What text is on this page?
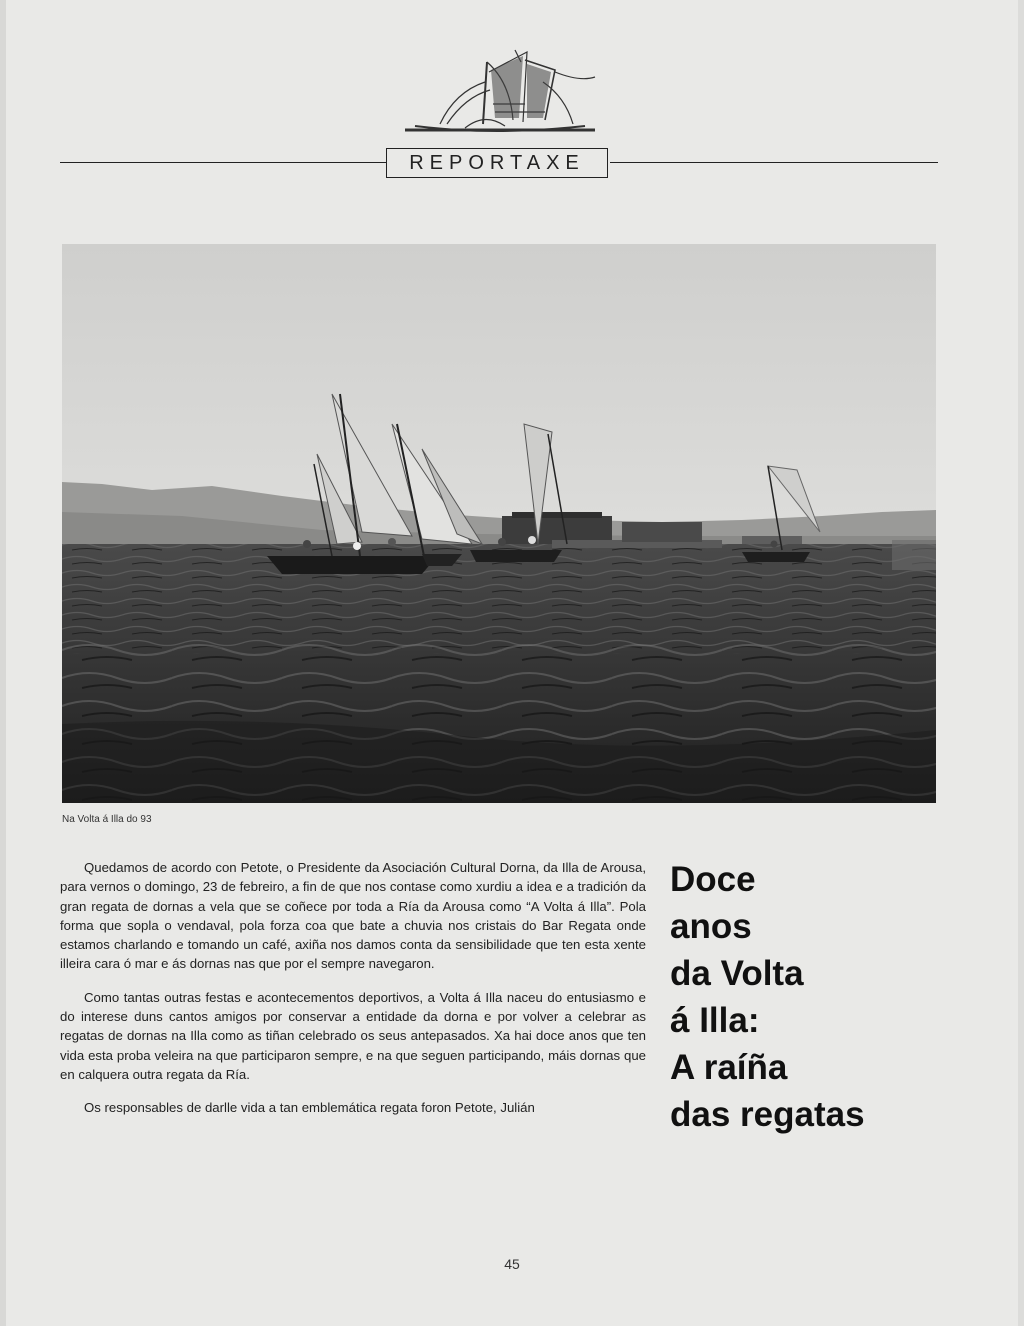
REPORTAXE
Na Volta á Illa do 93

Quedamos de acordo con Petote, o Presidente da Asociación Cultural Dorna, da Illa de Arousa, para vernos o domingo, 23 de febreiro, a fin de que nos contase como xurdiu a idea e a tradición da gran regata de dornas a vela que se coñece por toda a Ría da Arousa como “A Volta á Illa”. Pola forma que sopla o vendaval, pola forza coa que bate a chuvia nos cristais do Bar Regata onde estamos charlando e tomando un café, axiña nos damos conta da sensibilidade que ten esta xente illeira cara ó mar e ás dornas nas que por el sempre navegaron.

Como tantas outras festas e acontecementos deportivos, a Volta á Illa naceu do entusiasmo e do interese duns cantos amigos por conservar a entidade da dorna e por volver a celebrar as regatas de dornas na Illa como as tiñan celebrado os seus antepasados. Xa hai doce anos que ten vida esta proba veleira na que participaron sempre, e na que seguen participando, máis dornas que en calquera outra regata da Ría.

Os responsables de darlle vida a tan emblemática regata foron Petote, Julián

Doce
anos
da Volta
á Illa:
A raíña
das regatas
45
